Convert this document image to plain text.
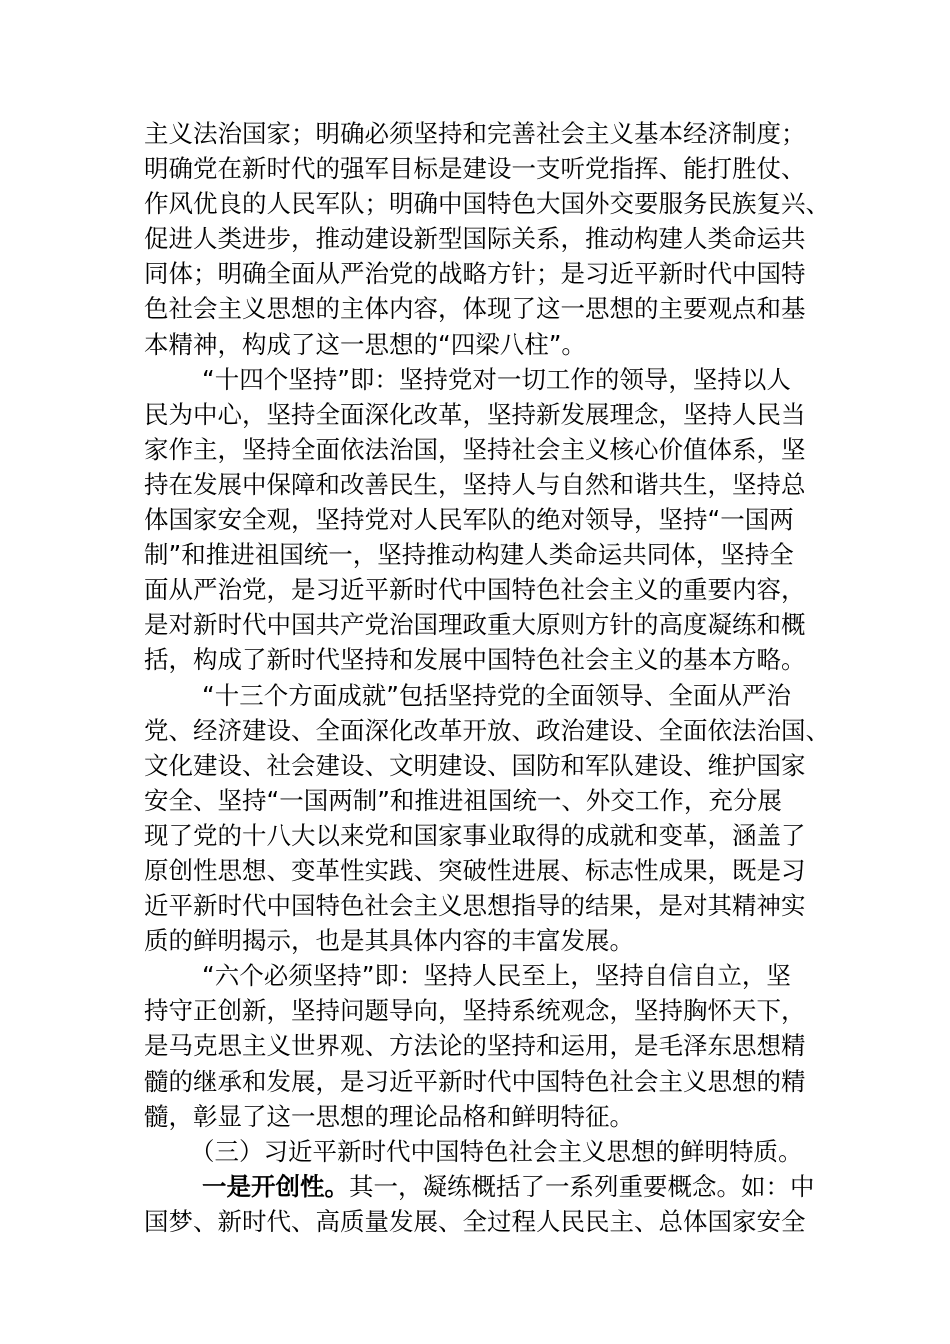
主义法治国家；明确必须坚持和完善社会主义基本经济制度；
明确党在新时代的强军目标是建设一支听党指挥、能打胜仗、
作风优良的人民军队；明确中国特色大国外交要服务民族复兴、
促进人类进步，推动建设新型国际关系，推动构建人类命运共
同体；明确全面从严治党的战略方针；是习近平新时代中国特
色社会主义思想的主体内容，体现了这一思想的主要观点和基
本精神，构成了这一思想的“四梁八柱”。
“十四个坚持”即：坚持党对一切工作的领导，坚持以人
民为中心，坚持全面深化改革，坚持新发展理念，坚持人民当
家作主，坚持全面依法治国，坚持社会主义核心价值体系，坚
持在发展中保障和改善民生，坚持人与自然和谐共生，坚持总
体国家安全观，坚持党对人民军队的绝对领导，坚持“一国两
制”和推进祖国统一，坚持推动构建人类命运共同体，坚持全
面从严治党，是习近平新时代中国特色社会主义的重要内容，
是对新时代中国共产党治国理政重大原则方针的高度凝练和概
括，构成了新时代坚持和发展中国特色社会主义的基本方略。
“十三个方面成就”包括坚持党的全面领导、全面从严治
党、经济建设、全面深化改革开放、政治建设、全面依法治国、
文化建设、社会建设、文明建设、国防和军队建设、维护国家
安全、坚持“一国两制”和推进祖国统一、外交工作，充分展
现了党的十八大以来党和国家事业取得的成就和变革，涵盖了
原创性思想、变革性实践、突破性进展、标志性成果，既是习
近平新时代中国特色社会主义思想指导的结果，是对其精神实
质的鲜明揭示，也是其具体内容的丰富发展。
“六个必须坚持”即：坚持人民至上，坚持自信自立，坚
持守正创新，坚持问题导向，坚持系统观念，坚持胸怀天下，
是马克思主义世界观、方法论的坚持和运用，是毛泽东思想精
髓的继承和发展，是习近平新时代中国特色社会主义思想的精
髓，彰显了这一思想的理论品格和鲜明特征。
（三）习近平新时代中国特色社会主义思想的鲜明特质。
一是开创性。其一，凝练概括了一系列重要概念。如：中
国梦、新时代、高质量发展、全过程人民民主、总体国家安全
